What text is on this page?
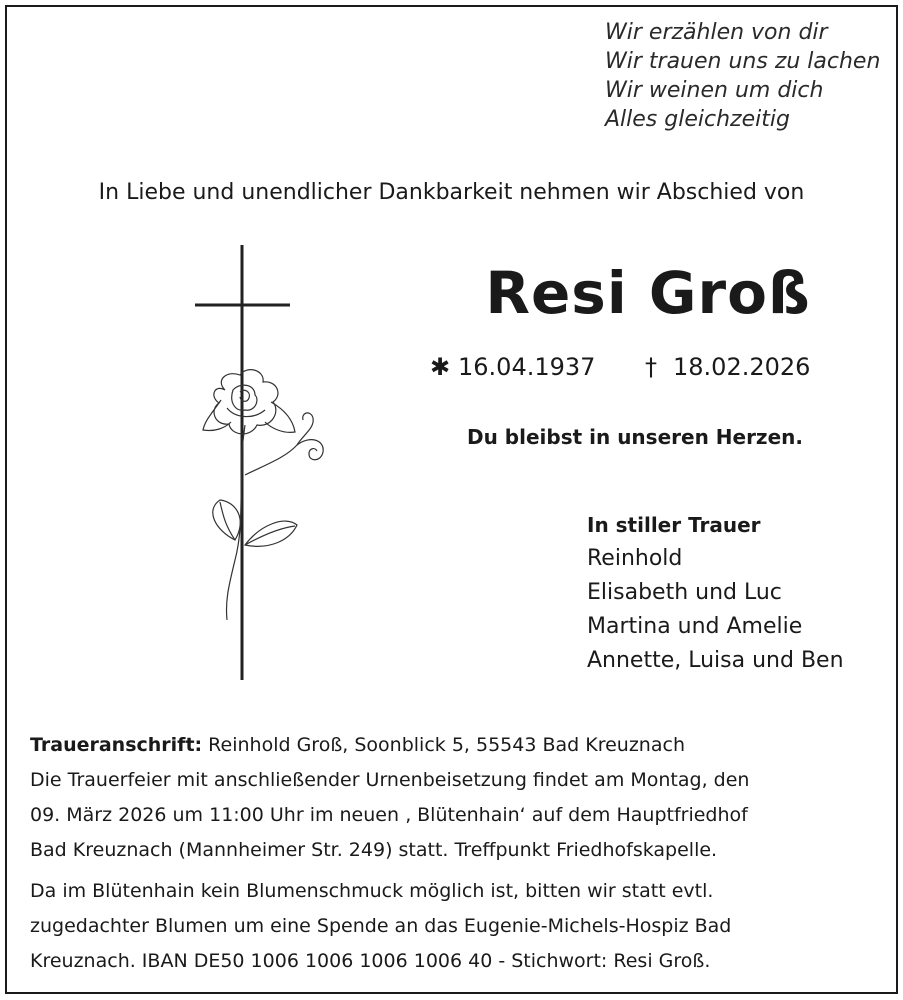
Wir erzählen von dir
Wir trauen uns zu lachen
Wir weinen um dich
Alles gleichzeitig
In Liebe und unendlicher Dankbarkeit nehmen wir Abschied von
Resi Groß
✱ 16.04.1937 † 18.02.2026
Du bleibst in unseren Herzen.
In stiller Trauer
Reinhold
Elisabeth und Luc
Martina und Amelie
Annette, Luisa und Ben
Traueranschrift: Reinhold Groß, Soonblick 5, 55543 Bad Kreuznach
Die Trauerfeier mit anschließender Urnenbeisetzung findet am Montag, den
09. März 2026 um 11:00 Uhr im neuen ‚ Blütenhain‘ auf dem Hauptfriedhof
Bad Kreuznach (Mannheimer Str. 249) statt. Treffpunkt Friedhofskapelle.
Da im Blütenhain kein Blumenschmuck möglich ist, bitten wir statt evtl.
zugedachter Blumen um eine Spende an das Eugenie-Michels-Hospiz Bad
Kreuznach. IBAN DE50 1006 1006 1006 1006 40 - Stichwort: Resi Groß.
